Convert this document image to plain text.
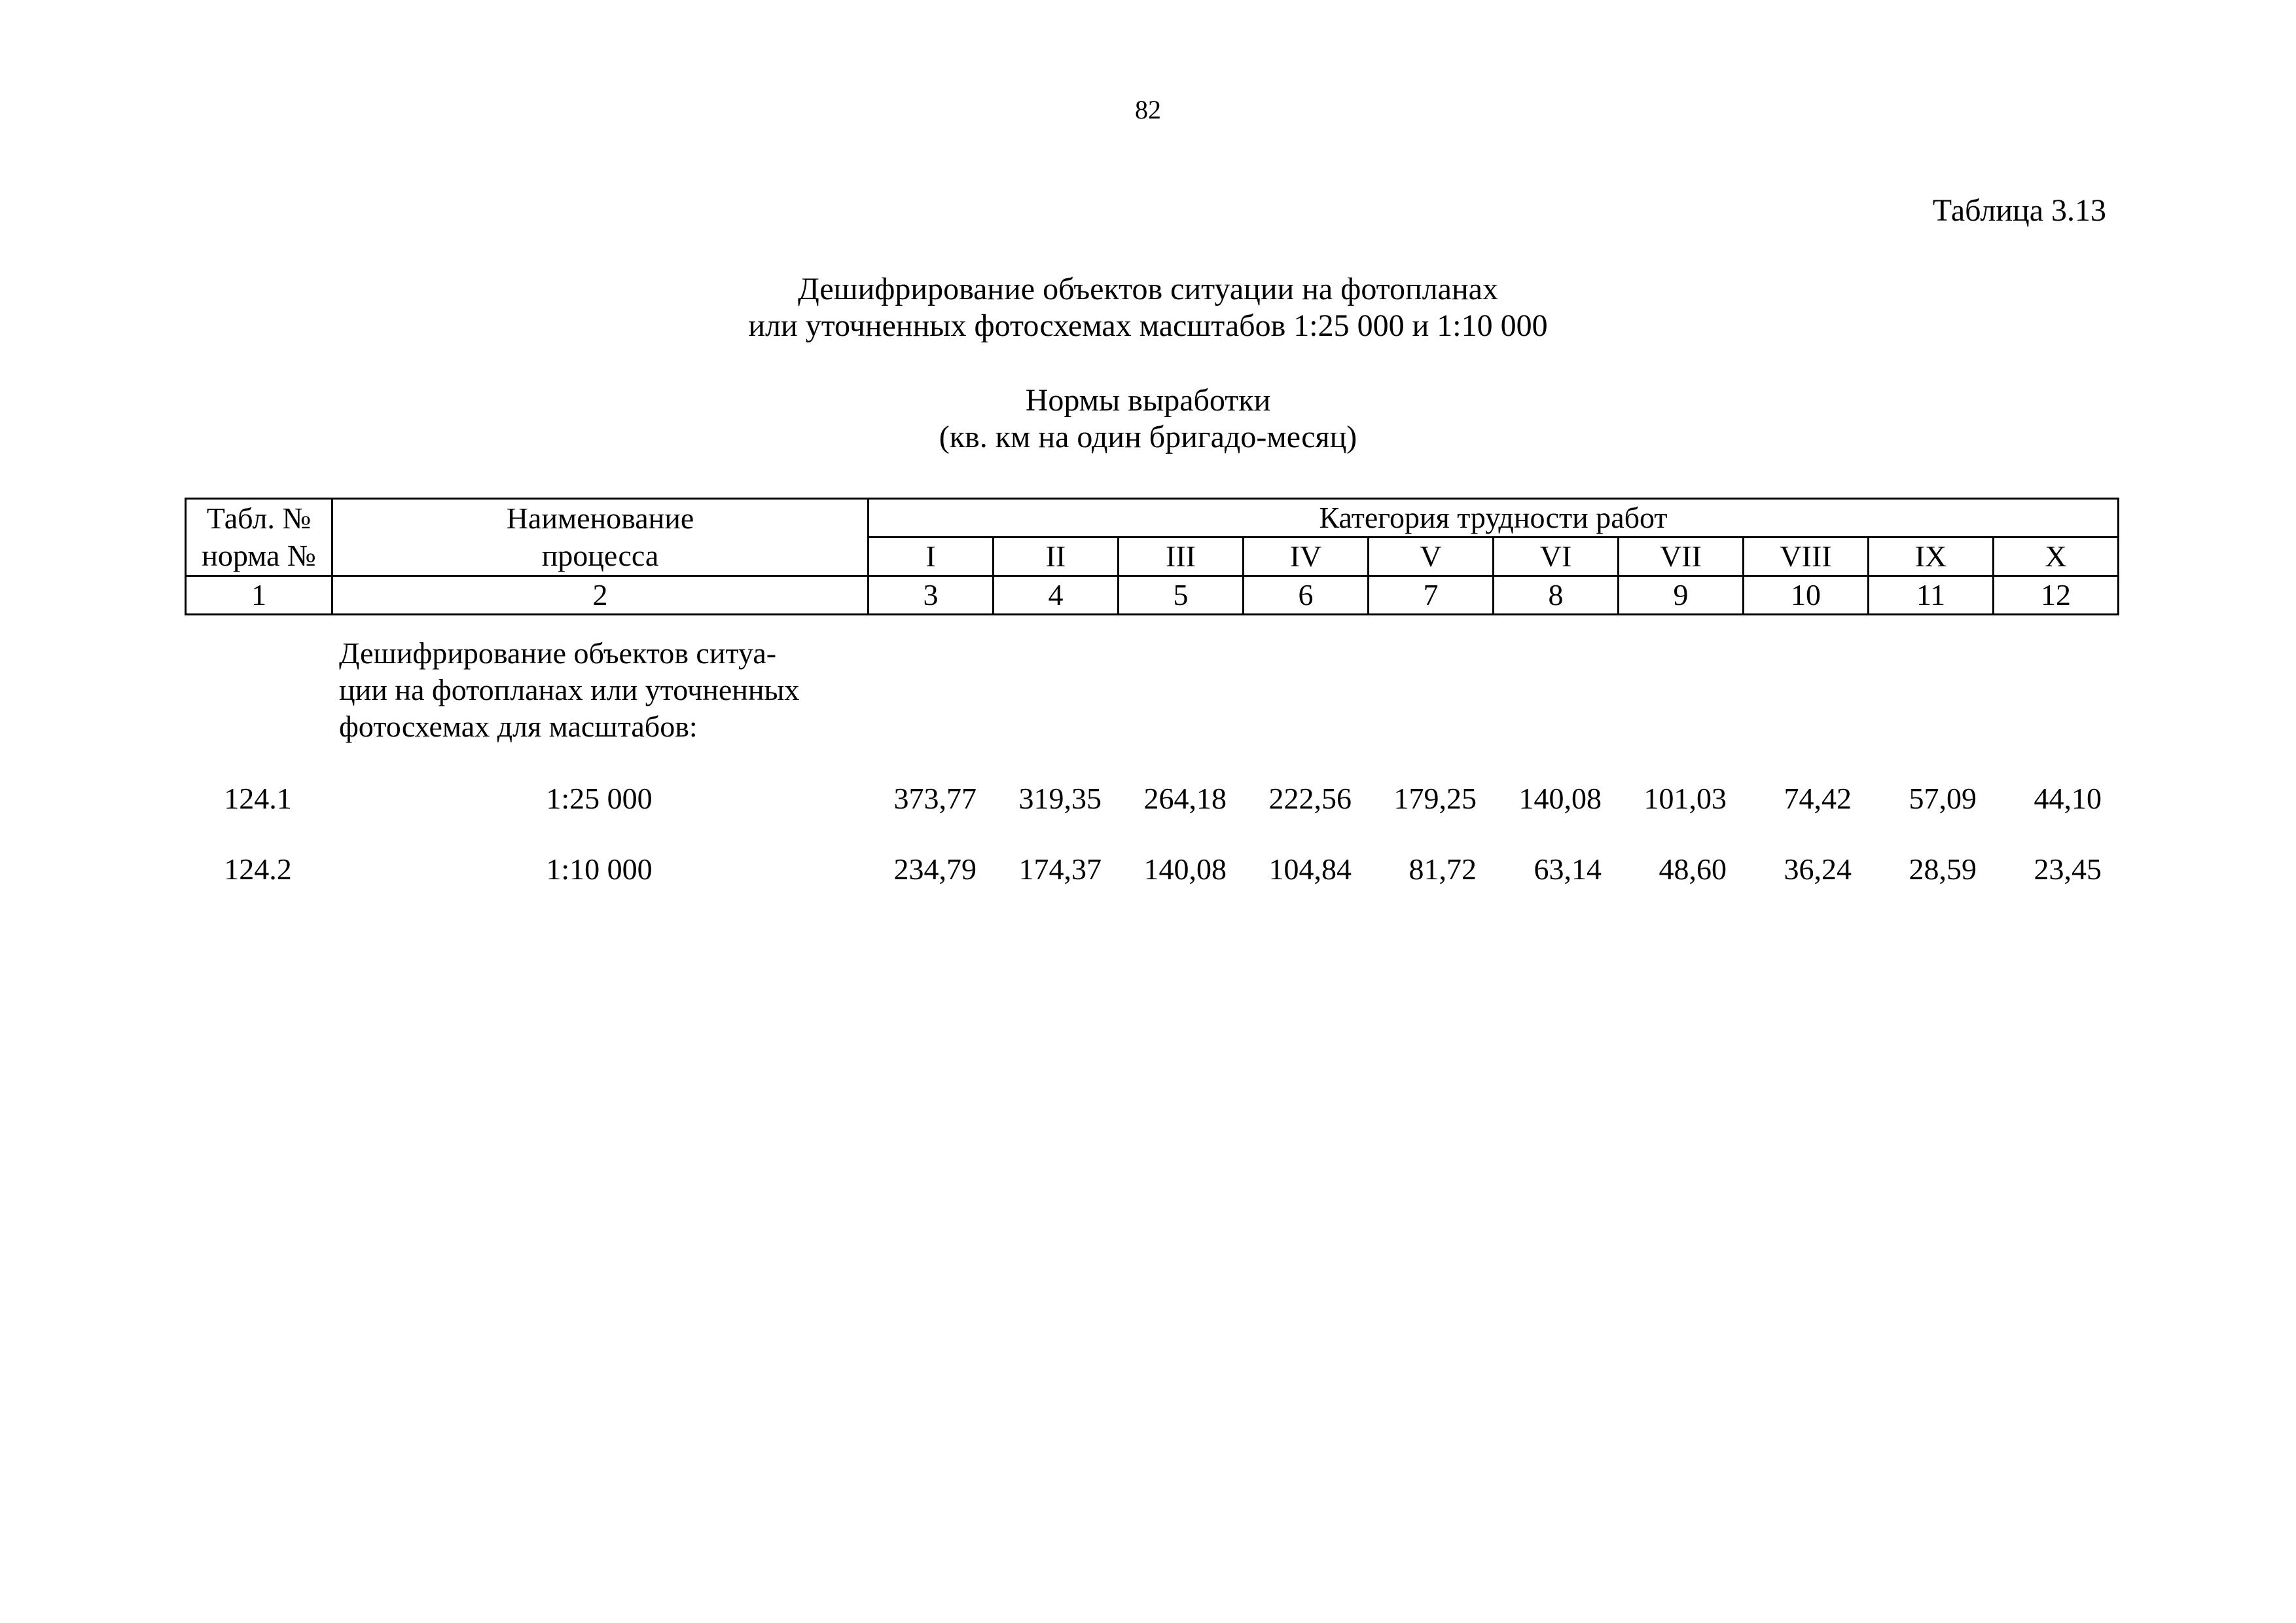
82
Таблица 3.13
Дешифрирование объектов ситуации на фотопланах
или уточненных фотосхемах масштабов 1:25 000 и 1:10 000
Нормы выработки
(кв. км на один бригадо-месяц)
Табл. №	Наименование	Категория трудности работ									
норма №	процесса	I	II	III	IV	V	VI	VII	VIII	IX	X
1	2	3	4	5	6	7	8	9	10	11	12
Дешифрирование объектов ситуа-
ции на фотопланах или уточненных
фотосхемах для масштабов:
124.1	1:25 000	373,77	319,35	264,18	222,56	179,25	140,08	101,03	74,42	57,09	44,10
124.2	1:10 000	234,79	174,37	140,08	104,84	81,72	63,14	48,60	36,24	28,59	23,45
